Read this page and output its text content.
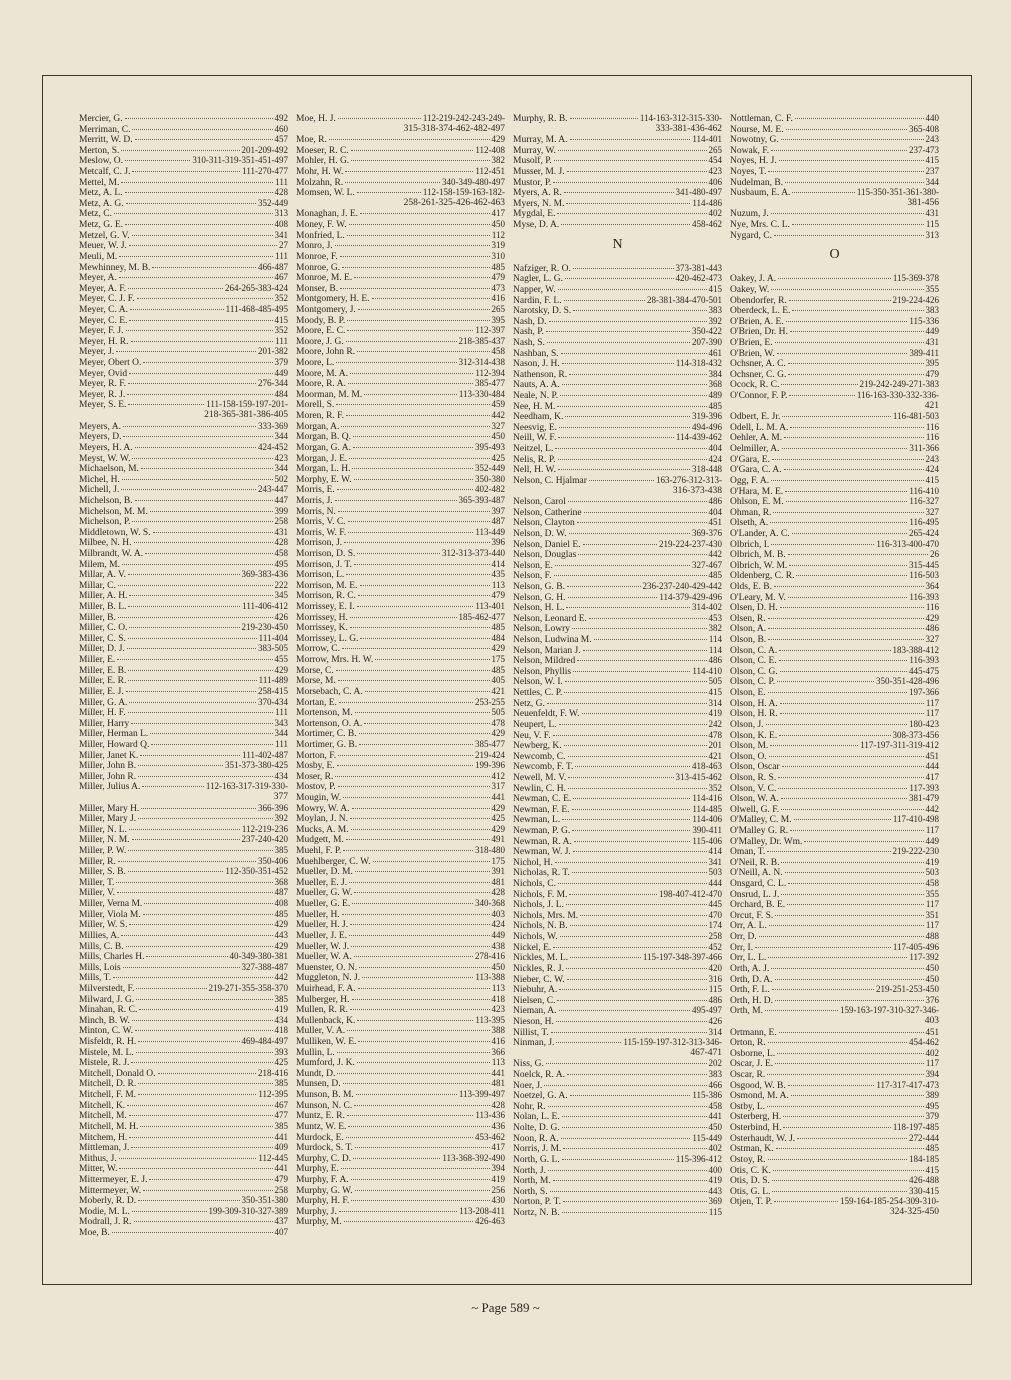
Mercier, G.	492
Merriman, C.	460
Merritt, W. D.	457
Merton, S.	201-209-492
Meslow, O.	310-311-319-351-451-497
Metcalf, C. J.	111-270-477
Mettel, M.	111
Metz, A. L.	428
Metz, A. G.	352-449
Metz, C.	313
Metz, G. E.	408
Metzel, G. V.	341
Meuer, W. J.	27
Meuli, M.	111
Mewhinney, M. B.	466-487
Meyer, A.	467
Meyer, A. F.	264-265-383-424
Meyer, C. J. F.	352
Meyer, C. A.	111-468-485-495
Meyer, C. E.	415
Meyer, F. J.	352
Meyer, H. R.	111
Meyer, J.	201-382
Meyer, Obert O.	379
Meyer, Ovid	449
Meyer, R. F.	276-344
Meyer, R. J.	484
Meyer, S. E.	111-158-159-197-201-
218-365-381-386-405
Meyers, A.	333-369
Meyers, D.	344
Meyers, H. A.	424-452
Meyst, W. W.	423
Michaelson, M.	344
Michel, H.	502
Michell, J.	243-447
Michelson, B.	447
Michelson, M. M.	399
Michelson, P.	258
Middletown, W. S.	431
Milbee, N. H.	428
Milbrandt, W. A.	458
Milem, M.	495
Millar, A. V.	369-383-436
Millar, C.	222
Miller, A. H.	345
Miller, B. L.	111-406-412
Miller, B.	426
Miller, C. O.	219-230-450
Miller, C. S.	111-404
Miller, D. J.	383-505
Miller, E.	455
Miller, E. B.	429
Miller, E. R.	111-489
Miller, E. J.	258-415
Miller, G. A.	370-434
Miller, H. F.	111
Miller, Harry	343
Miller, Herman L.	344
Miller, Howard Q.	111
Miller, Janet K.	111-402-487
Miller, John B.	351-373-380-425
Miller, John R.	434
Miller, Julius A.	112-163-317-319-330-
377
Miller, Mary H.	366-396
Miller, Mary J.	392
Miller, N. L.	112-219-236
Miller, N. M.	237-240-420
Miller, P. W.	385
Miller, R.	350-406
Miller, S. B.	112-350-351-452
Miller, T.	368
Miller, V.	487
Miller, Verna M.	408
Miller, Viola M.	485
Miller, W. S.	429
Millies, A.	443
Mills, C. B.	429
Mills, Charles H.	40-349-380-381
Mills, Lois	327-388-487
Mills, T.	442
Milverstedt, F.	219-271-355-358-370
Milward, J. G.	385
Minahan, R. C.	419
Minch, B. W.	434
Minton, C. W.	418
Misfeldt, R. H.	469-484-497
Mistele, M. L.	393
Mistele, R. J.	425
Mitchell, Donald O.	218-416
Mitchell, D. R.	385
Mitchell, F. M.	112-395
Mitchell, K.	467
Mitchell, M.	477
Mitchell, M. H.	385
Mitchem, H.	441
Mittleman, J.	409
Mithus, J.	112-445
Mitter, W.	441
Mittermeyer, E. J.	479
Mittermeyer, W.	258
Moberly, R. D.	350-351-380
Modie, M. L.	199-309-310-327-389
Modrall, J. R.	437
Moe, B.	407
Moe, H. J.	112-219-242-243-249-
315-318-374-462-482-497
Moe, R.	429
Moeser, R. C.	112-408
Mohler, H. G.	382
Mohr, H. W.	112-451
Molzahn, R.	340-349-480-497
Momsen, W. L.	112-158-159-163-182-
258-261-325-426-462-463
Monaghan, J. E.	417
Money, F. W.	450
Monfried, L.	112
Monro, J.	319
Monroe, F.	310
Monroe, G.	485
Monroe, M. E.	479
Monser, B.	473
Montgomery, H. E.	416
Montgomery, J.	265
Moody, B. P.	395
Moore, E. C.	112-397
Moore, J. G.	218-385-437
Moore, John R.	458
Moore, L.	312-314-438
Moore, M. A.	112-394
Moore, R. A.	385-477
Moorman, M. M.	113-330-484
Morell, S.	459
Moren, R. F.	442
Morgan, A.	327
Morgan, B. Q.	450
Morgan, G. A.	395-493
Morgan, J. E.	425
Morgan, L. H.	352-449
Morphy, E. W.	350-380
Morris, E.	402-482
Morris, J.	365-393-487
Morris, N.	397
Morris, V. C.	487
Morris, W. F.	113-449
Morrison, J.	396
Morrison, D. S.	312-313-373-440
Morrison, J. T.	414
Morrison, L.	435
Morrison, M. E.	113
Morrison, R. C.	479
Morrissey, E. I.	113-401
Morrissey, H.	185-462-477
Morrissey, K.	485
Morrissey, L. G.	484
Morrow, C.	429
Morrow, Mrs. H. W.	175
Morse, C.	485
Morse, M.	405
Morsebach, C. A.	421
Mortan, E.	253-255
Mortenson, M.	505
Mortenson, O. A.	478
Mortimer, C. B.	429
Mortimer, G. B.	385-477
Morton, F.	219-424
Mosby, E.	199-396
Moser, R.	412
Mostov, P.	317
Mougin, W.	441
Mowry, W. A.	429
Moylan, J. N.	425
Mucks, A. M.	429
Mudgett, M.	491
Muehl, F. P.	318-480
Muehlberger, C. W.	175
Mueller, D. M.	391
Mueller, E. J.	481
Mueller, G. W.	428
Mueller, G. E.	340-368
Mueller, H.	403
Mueller, H. J.	424
Mueller, J. E.	449
Mueller, W. J.	438
Mueller, W. A.	278-416
Muenster, O. N.	450
Muggleton, N. J.	113-388
Muirhead, F. A.	113
Mulberger, H.	418
Mullen, R. R.	423
Mullenback, K.	113-395
Muller, V. A.	388
Mulliken, W. E.	416
Mullin, L.	366
Mumford, J. K.	113
Mundt, D.	441
Munsen, D.	481
Munson, B. M.	113-399-497
Munson, N. C.	428
Muntz, E. R.	113-436
Muntz, W. E.	436
Murdock, E.	453-462
Murdock, S. T.	417
Murphy, C. D.	113-368-392-490
Murphy, E.	394
Murphy, F. A.	419
Murphy, G. W.	256
Murphy, H. F.	430
Murphy, J.	113-208-411
Murphy, M.	426-463
Murphy, R. B.	114-163-312-315-330-
333-381-436-462
Murray, M. A.	114-401
Murray, W.	265
Musolf, P.	454
Musser, M. J.	423
Mustor, P.	406
Myers, A. R.	341-480-497
Myers, N. M.	114-486
Mygdal, E.	402
Myse, D. A.	458-462
N
Nafziger, R. O.	373-381-443
Nagler, L. G.	420-462-473
Napper, W.	415
Nardin, F. L.	28-381-384-470-501
Narotsky, D. S.	383
Nash, D.	392
Nash, P.	350-422
Nash, S.	207-390
Nashban, S.	461
Nason, J. H.	114-318-432
Nathenson, R.	384
Nauts, A. A.	368
Neale, N. P.	489
Nee, H. M.	485
Needham, K.	319-396
Neesvig, E.	494-496
Neill, W. F.	114-439-462
Neitzel, L.	404
Nelis, R. P.	424
Nell, H. W.	318-448
Nelson, C. Hjalmar	163-276-312-313-
316-373-438
Nelson, Carol	486
Nelson, Catherine	404
Nelson, Clayton	451
Nelson, D. W.	369-376
Nelson, Daniel E.	219-224-237-430
Nelson, Douglas	442
Nelson, E.	327-467
Nelson, F.	485
Nelson, G. B.	236-237-240-429-442
Nelson, G. H.	114-379-429-496
Nelson, H. L.	314-402
Nelson, Leonard E.	453
Nelson, Lowry	382
Nelson, Ludwina M.	114
Nelson, Marian J.	114
Nelson, Mildred	486
Nelson, Phyllis	114-410
Nelson, W. I.	505
Nettles, C. P.	415
Netz, G.	314
Neuenfeldt, F. W.	419
Neupert, L.	242
Neu, V. F.	478
Newberg, K.	201
Newcomb, C.	421
Newcomb, F. T.	418-463
Newell, M. V.	313-415-462
Newlin, C. H.	352
Newman, C. E.	114-416
Newman, F. E.	114-485
Newman, L.	114-406
Newman, P. G.	390-411
Newman, R. A.	115-406
Newman, W. J.	414
Nichol, H.	341
Nicholas, R. T.	503
Nichols, C.	444
Nichols, F. M.	198-407-412-470
Nichols, J. L.	445
Nichols, Mrs. M.	470
Nichols, N. B.	174
Nichols, W.	258
Nickel, E.	452
Nickles, M. L.	115-197-348-397-466
Nickles, R. J.	420
Nieber, C. W.	316
Niebuhr, A.	115
Nielsen, C.	486
Nieman, A.	495-497
Nieson, H.	426
Nillist, T.	314
Ninman, J.	115-159-197-312-313-346-
467-471
Niss, G.	202
Noelck, R. A.	383
Noer, J.	466
Noetzel, G. A.	115-386
Nohr, R.	458
Nolan, L. E.	441
Nolte, D. G.	450
Noon, R. A.	115-449
Norris, J. M.	402
North, G. L.	115-396-412
North, J.	400
North, M.	419
North, S.	443
Norton, P. T.	369
Nortz, N. B.	115
Nottleman, C. F.	440
Nourse, M. E.	365-408
Nowotny, G.	243
Nowak, F.	237-473
Noyes, H. J.	415
Noyes, T.	237
Nudelman, B.	344
Nusbaum, E. A.	115-350-351-361-380-
381-456
Nuzum, J.	431
Nye, Mrs. C. L.	115
Nygard, C.	313
O
Oakey, J. A.	115-369-378
Oakey, W.	355
Obendorfer, R.	219-224-426
Oberdeck, L. E.	383
O'Brien, A. E.	115-336
O'Brien, Dr. H.	449
O'Brien, E.	431
O'Brien, W.	389-411
Ochsner, A. C.	395
Ochsner, C. G.	479
Ocock, R. C.	219-242-249-271-383
O'Connor, F. P.	116-163-330-332-336-
421
Odbert, E. Jr.	116-481-503
Odell, L. M. A.	116
Oehler, A. M.	116
Oelmiller, A.	311-366
O'Gara, E.	243
O'Gara, C. A.	424
Ogg, F. A.	415
O'Hara, M. E.	116-410
Ohlson, E. M.	116-327
Ohman, R.	327
Olseth, A.	116-495
O'Lander, A. C.	265-424
Olbrich, I.	116-313-400-470
Olbrich, M. B.	26
Olbrich, W. M.	315-445
Oldenberg, C. R.	116-503
Olds, E. B.	364
O'Leary, M. V.	116-393
Olsen, D. H.	116
Olsen, R.	429
Olson, A.	486
Olson, B.	327
Olson, C. A.	183-388-412
Olson, C. E.	116-393
Olson, C. G.	445-475
Olson, C. P.	350-351-428-496
Olson, E.	197-366
Olson, H. A.	117
Olson, H. R.	117
Olson, J.	180-423
Olson, K. E.	308-373-456
Olson, M.	117-197-311-319-412
Olson, O.	451
Olson, Oscar	444
Olson, R. S.	417
Olson, V. C.	117-393
Olson, W. A.	381-479
Olwell, G. F.	442
O'Malley, C. M.	117-410-498
O'Malley G. R.	117
O'Malley, Dr. Wm.	449
Oman, T.	219-222-230
O'Neil, R. B.	419
O'Neill, A. N.	503
Onsgard, C. L.	458
Onsrud, L. J.	355
Orchard, B. E.	117
Orcut, F. S.	351
Orr, A. L.	117
Orr, D.	488
Orr, I.	117-405-496
Orr, L. L.	117-392
Orth, A. J.	450
Orth, D. A.	450
Orth, F. L.	219-251-253-450
Orth, H. D.	376
Orth, M.	159-163-197-310-327-346-
403
Ortmann, E.	451
Orton, R.	454-462
Osborne, L.	402
Oscar, J. E.	117
Oscar, R.	394
Osgood, W. B.	117-317-417-473
Osmond, M. A.	389
Ostby, L.	495
Osterberg, H.	379
Osterbind, H.	118-197-485
Osterhaudt, W. J.	272-444
Ostman, K.	485
Ostoy, R.	184-185
Otis, C. K.	415
Otis, D. S.	426-488
Otis, G. L.	330-415
Otjen, T. P.	159-164-185-254-309-310-
324-325-450
~ Page 589 ~
